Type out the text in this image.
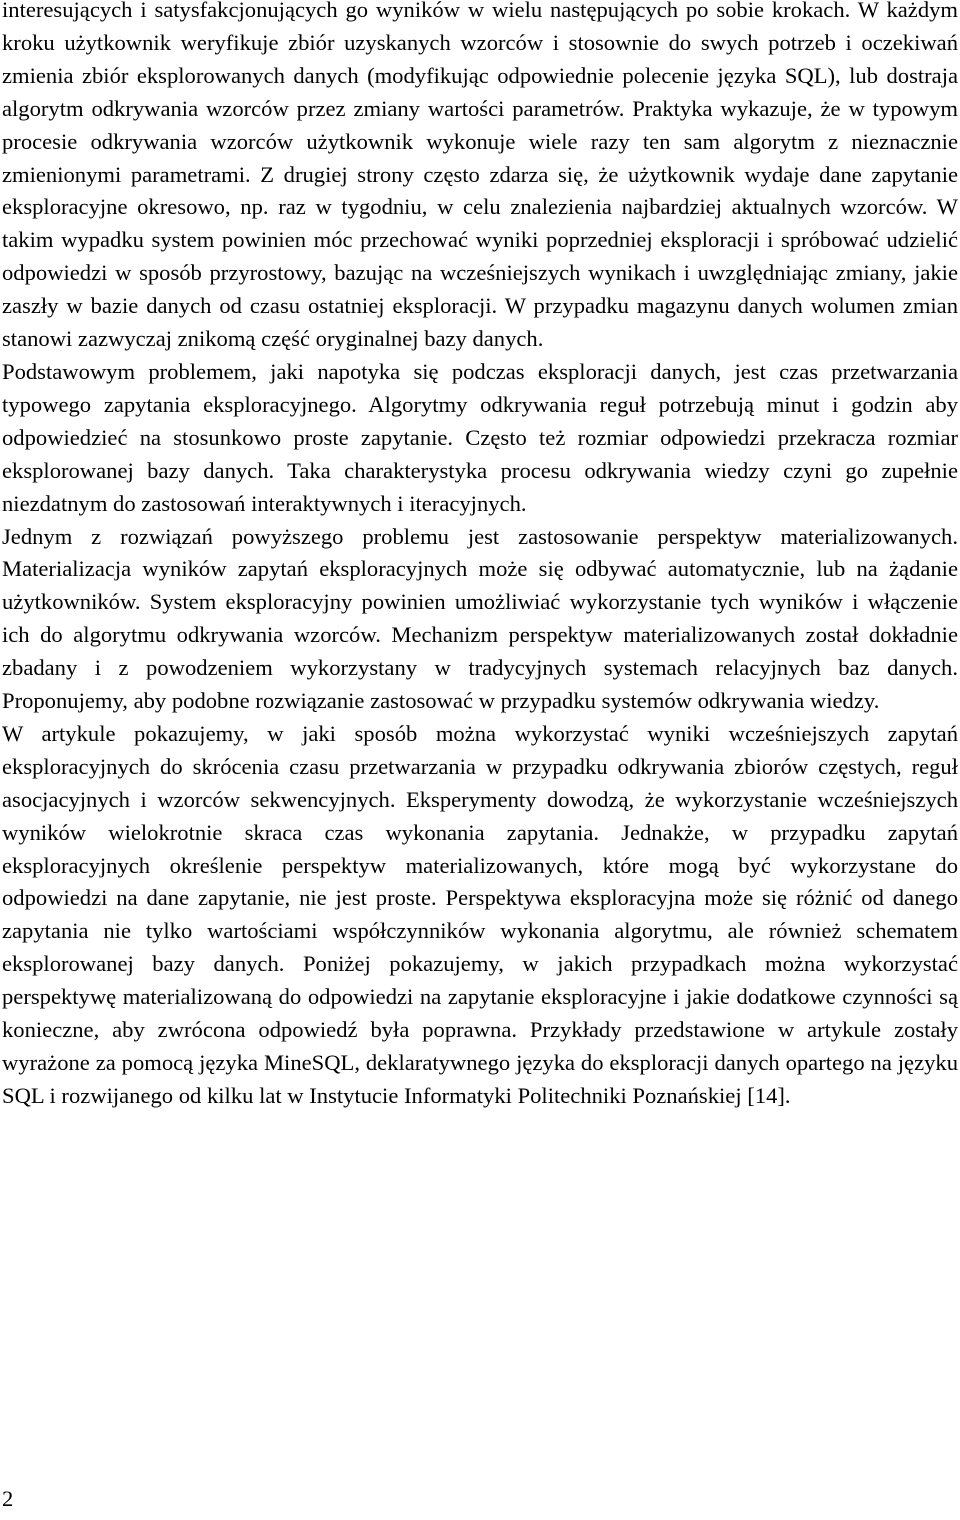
interesujących i satysfakcjonujących go wyników w wielu następujących po sobie krokach. W każdym kroku użytkownik weryfikuje zbiór uzyskanych wzorców i stosownie do swych potrzeb i oczekiwań zmienia zbiór eksplorowanych danych (modyfikując odpowiednie polecenie języka SQL), lub dostraja algorytm odkrywania wzorców przez zmiany wartości parametrów. Praktyka wykazuje, że w typowym procesie odkrywania wzorców użytkownik wykonuje wiele razy ten sam algorytm z nieznacznie zmienionymi parametrami. Z drugiej strony często zdarza się, że użytkownik wydaje dane zapytanie eksploracyjne okresowo, np. raz w tygodniu, w celu znalezienia najbardziej aktualnych wzorców. W takim wypadku system powinien móc przechować wyniki poprzedniej eksploracji i spróbować udzielić odpowiedzi w sposób przyrostowy, bazując na wcześniejszych wynikach i uwzględniając zmiany, jakie zaszły w bazie danych od czasu ostatniej eksploracji. W przypadku magazynu danych wolumen zmian stanowi zazwyczaj znikomą część oryginalnej bazy danych.

Podstawowym problemem, jaki napotyka się podczas eksploracji danych, jest czas przetwarzania typowego zapytania eksploracyjnego. Algorytmy odkrywania reguł potrzebują minut i godzin aby odpowiedzieć na stosunkowo proste zapytanie. Często też rozmiar odpowiedzi przekracza rozmiar eksplorowanej bazy danych. Taka charakterystyka procesu odkrywania wiedzy czyni go zupełnie niezdatnym do zastosowań interaktywnych i iteracyjnych.

Jednym z rozwiązań powyższego problemu jest zastosowanie perspektyw materializowanych. Materializacja wyników zapytań eksploracyjnych może się odbywać automatycznie, lub na żądanie użytkowników. System eksploracyjny powinien umożliwiać wykorzystanie tych wyników i włączenie ich do algorytmu odkrywania wzorców. Mechanizm perspektyw materializowanych został dokładnie zbadany i z powodzeniem wykorzystany w tradycyjnych systemach relacyjnych baz danych. Proponujemy, aby podobne rozwiązanie zastosować w przypadku systemów odkrywania wiedzy.

W artykule pokazujemy, w jaki sposób można wykorzystać wyniki wcześniejszych zapytań eksploracyjnych do skrócenia czasu przetwarzania w przypadku odkrywania zbiorów częstych, reguł asocjacyjnych i wzorców sekwencyjnych. Eksperymenty dowodzą, że wykorzystanie wcześniejszych wyników wielokrotnie skraca czas wykonania zapytania. Jednakże, w przypadku zapytań eksploracyjnych określenie perspektyw materializowanych, które mogą być wykorzystane do odpowiedzi na dane zapytanie, nie jest proste. Perspektywa eksploracyjna może się różnić od danego zapytania nie tylko wartościami współczynników wykonania algorytmu, ale również schematem eksplorowanej bazy danych. Poniżej pokazujemy, w jakich przypadkach można wykorzystać perspektywę materializowaną do odpowiedzi na zapytanie eksploracyjne i jakie dodatkowe czynności są konieczne, aby zwrócona odpowiedź była poprawna. Przykłady przedstawione w artykule zostały wyrażone za pomocą języka MineSQL, deklaratywnego języka do eksploracji danych opartego na języku SQL i rozwijanego od kilku lat w Instytucie Informatyki Politechniki Poznańskiej [14].

2
